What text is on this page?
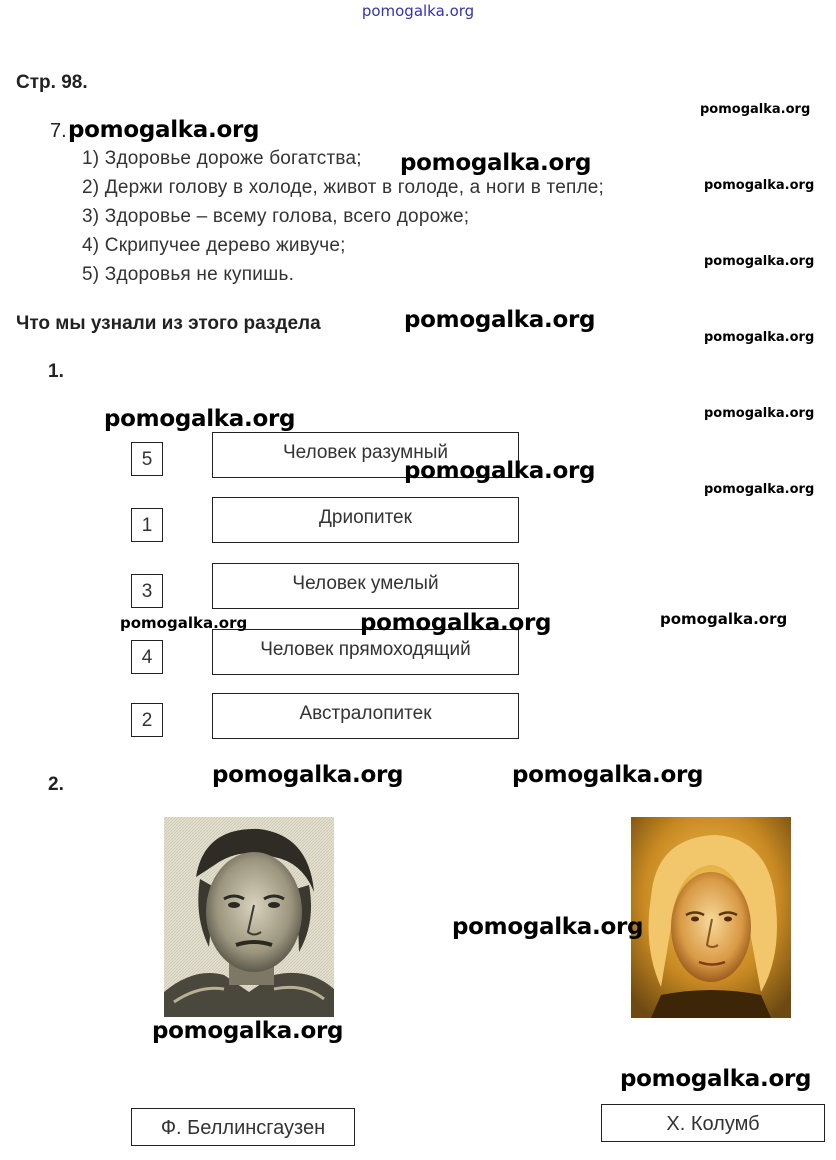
pomogalka.org
Стр. 98.
7. pomogalka.org
1) Здоровье дороже богатства;
2) Держи голову в холоде, живот в голоде, а ноги в тепле;
3) Здоровье – всему голова, всего дороже;
4) Скрипучее дерево живуче;
5) Здоровья не купишь.
Что мы узнали из этого раздела
1.
5	Человек разумный
1	Дриопитек
3	Человек умелый
4	Человек прямоходящий
2	Австралопитек
2.
Ф. Беллинсгаузен	Х. Колумб
pomogalka.org
pomogalka.org
pomogalka.org
pomogalka.org
pomogalka.org
pomogalka.org
pomogalka.org	pomogalka.org
pomogalka.org
pomogalka.org
pomogalka.org	pomogalka.org	pomogalka.org
pomogalka.org	pomogalka.org
pomogalka.org
pomogalka.org
pomogalka.org
